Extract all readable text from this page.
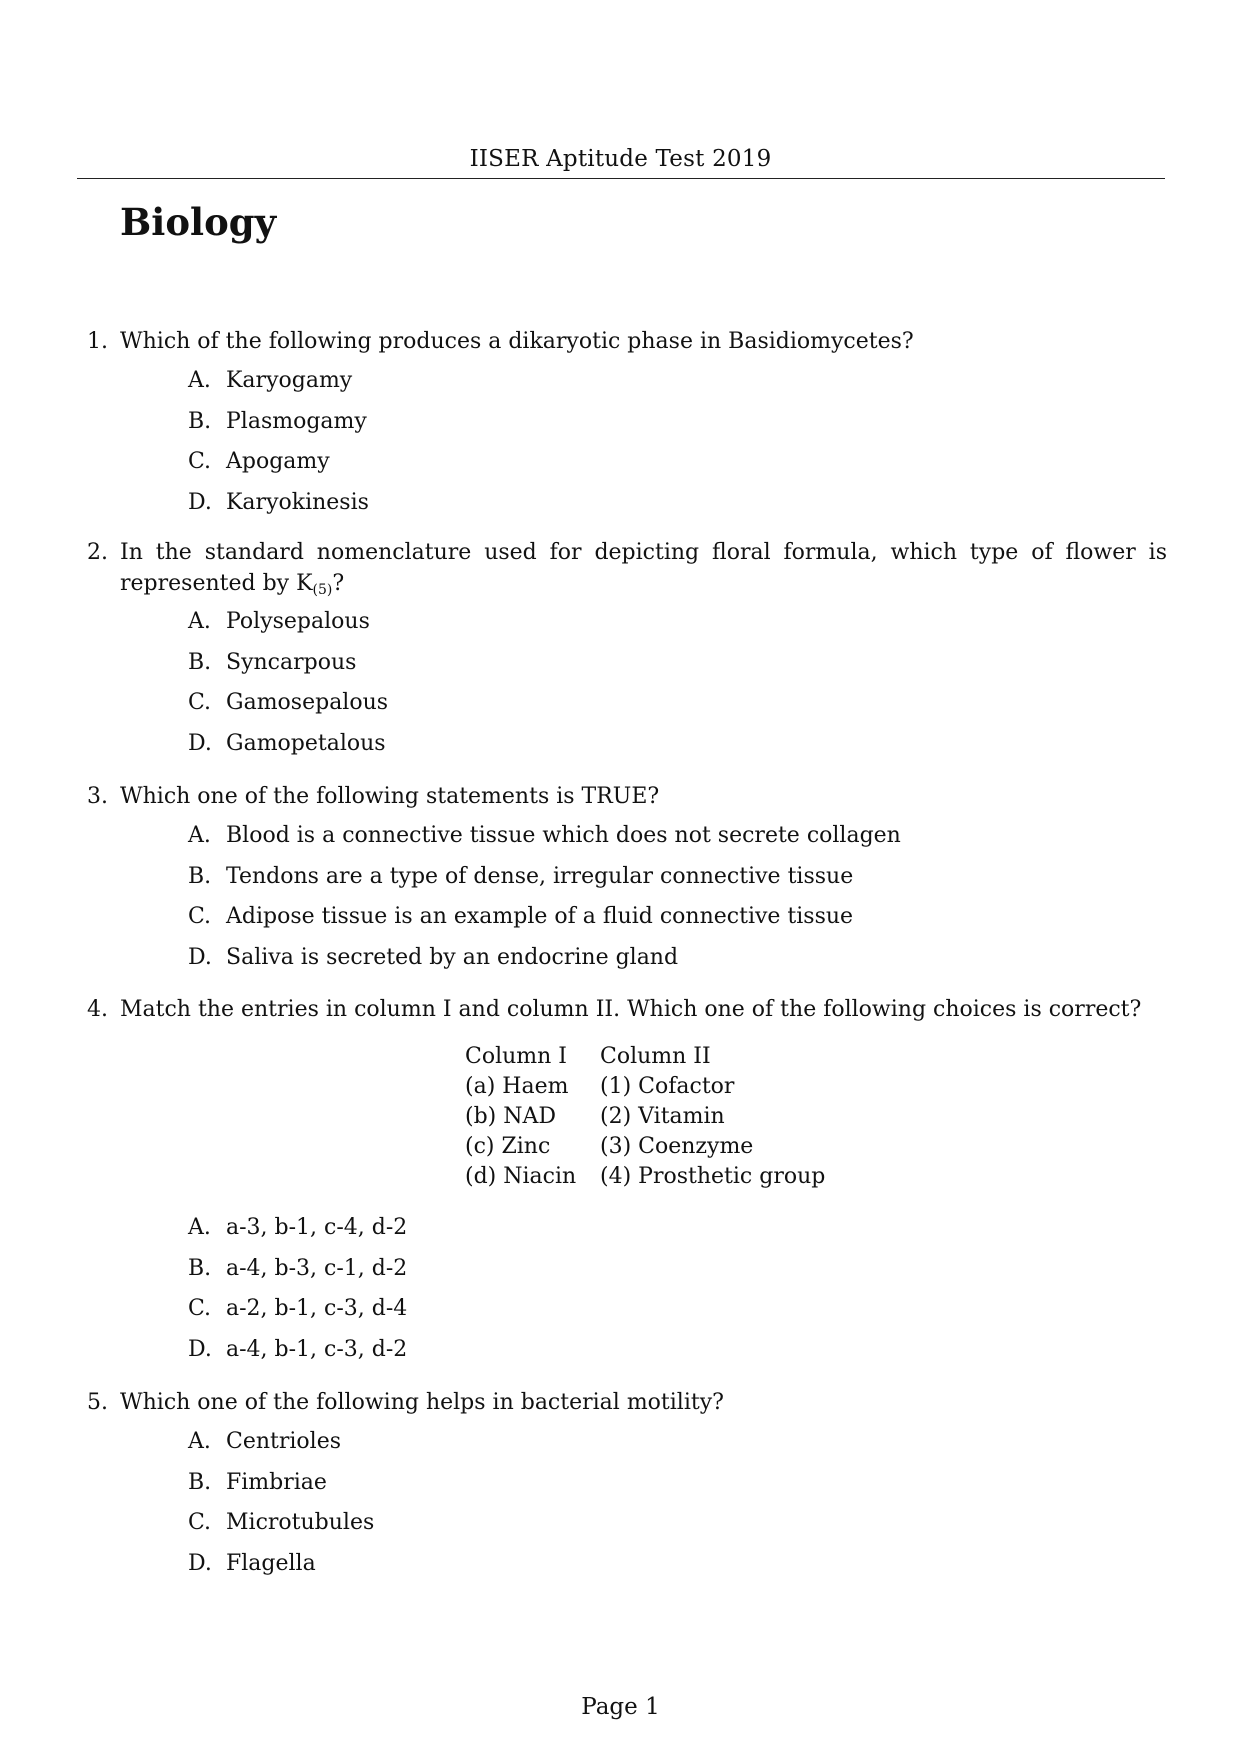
IISER Aptitude Test 2019
Biology
1. Which of the following produces a dikaryotic phase in Basidiomycetes?
A. Karyogamy
B. Plasmogamy
C. Apogamy
D. Karyokinesis
2. In the standard nomenclature used for depicting floral formula, which type of flower is represented by $K_{(5)}$?
A. Polysepalous
B. Syncarpous
C. Gamosepalous
D. Gamopetalous
3. Which one of the following statements is TRUE?
A. Blood is a connective tissue which does not secrete collagen
B. Tendons are a type of dense, irregular connective tissue
C. Adipose tissue is an example of a fluid connective tissue
D. Saliva is secreted by an endocrine gland
4. Match the entries in column I and column II. Which one of the following choices is correct?
Column I	Column II
(a) Haem	(1) Cofactor
(b) NAD	(2) Vitamin
(c) Zinc	(3) Coenzyme
(d) Niacin	(4) Prosthetic group
A. a-3, b-1, c-4, d-2
B. a-4, b-3, c-1, d-2
C. a-2, b-1, c-3, d-4
D. a-4, b-1, c-3, d-2
5. Which one of the following helps in bacterial motility?
A. Centrioles
B. Fimbriae
C. Microtubules
D. Flagella
Page 1
